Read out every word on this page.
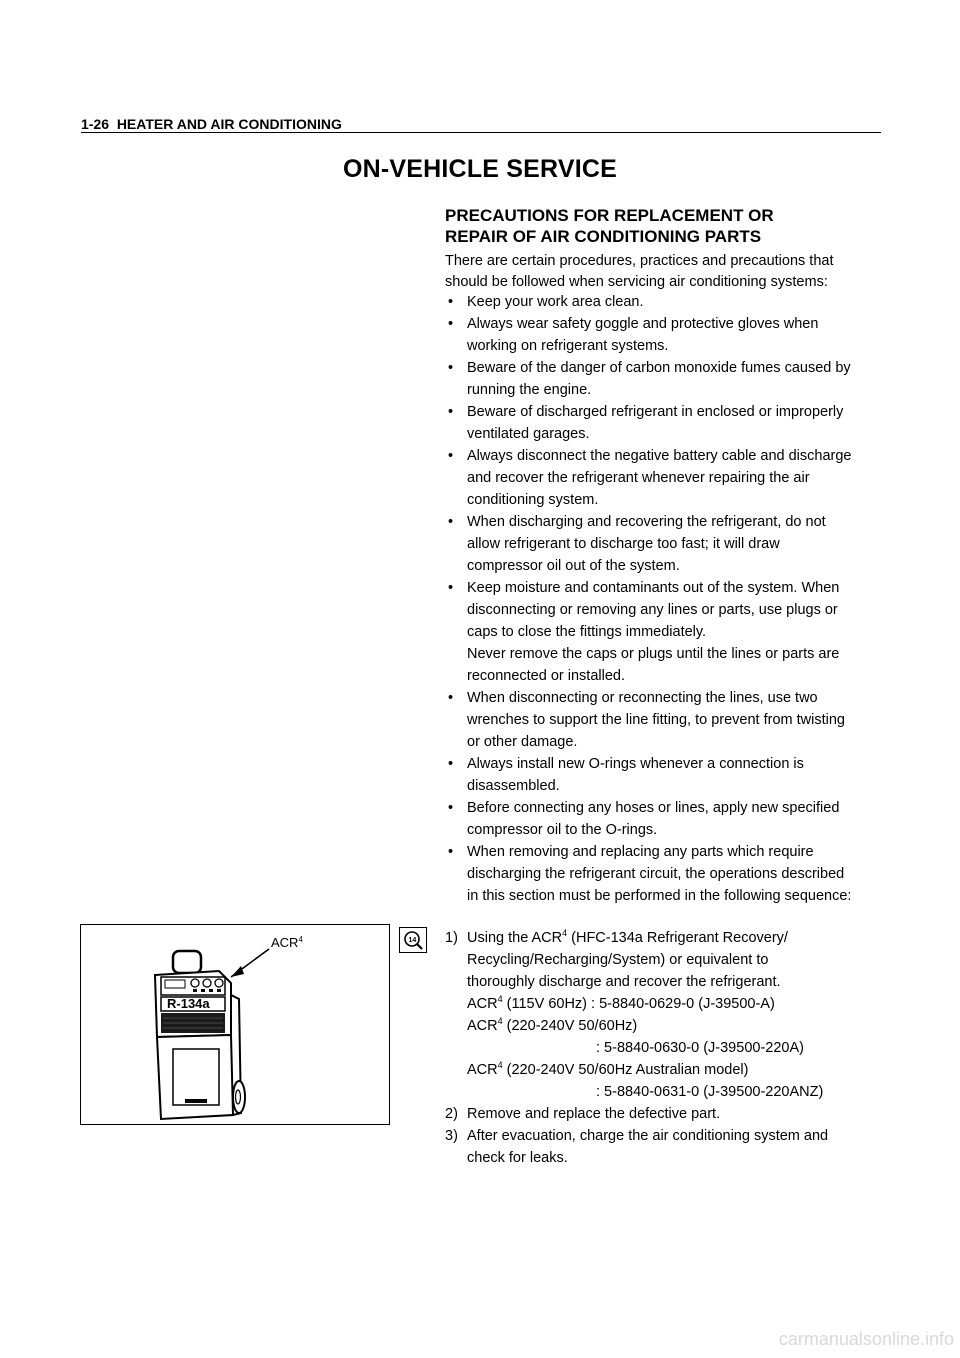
1-26 HEATER AND AIR CONDITIONING
ON-VEHICLE SERVICE
PRECAUTIONS FOR REPLACEMENT OR
REPAIR OF AIR CONDITIONING PARTS
There are certain procedures, practices and precautions that
should be followed when servicing air conditioning systems:
• Keep your work area clean.
• Always wear safety goggle and protective gloves when
working on refrigerant systems.
• Beware of the danger of carbon monoxide fumes caused by
running the engine.
• Beware of discharged refrigerant in enclosed or improperly
ventilated garages.
• Always disconnect the negative battery cable and discharge
and recover the refrigerant whenever repairing the air
conditioning system.
• When discharging and recovering the refrigerant, do not
allow refrigerant to discharge too fast; it will draw
compressor oil out of the system.
• Keep moisture and contaminants out of the system. When
disconnecting or removing any lines or parts, use plugs or
caps to close the fittings immediately.
Never remove the caps or plugs until the lines or parts are
reconnected or installed.
• When disconnecting or reconnecting the lines, use two
wrenches to support the line fitting, to prevent from twisting
or other damage.
• Always install new O-rings whenever a connection is
disassembled.
• Before connecting any hoses or lines, apply new specified
compressor oil to the O-rings.
• When removing and replacing any parts which require
discharging the refrigerant circuit, the operations described
in this section must be performed in the following sequence:
R-134a
ACR$^4$	14 1) Using the ACR$^4$ (HFC-134a Refrigerant Recovery/
Recycling/Recharging/System) or equivalent to
thoroughly discharge and recover the refrigerant.
ACR$^4$ (115V 60Hz) : 5-8840-0629-0 (J-39500-A)
ACR$^4$ (220-240V 50/60Hz)
: 5-8840-0630-0 (J-39500-220A)
ACR$^4$ (220-240V 50/60Hz Australian model)
: 5-8840-0631-0 (J-39500-220ANZ)
2) Remove and replace the defective part.
3) After evacuation, charge the air conditioning system and
check for leaks.
carmanualsonline.info
